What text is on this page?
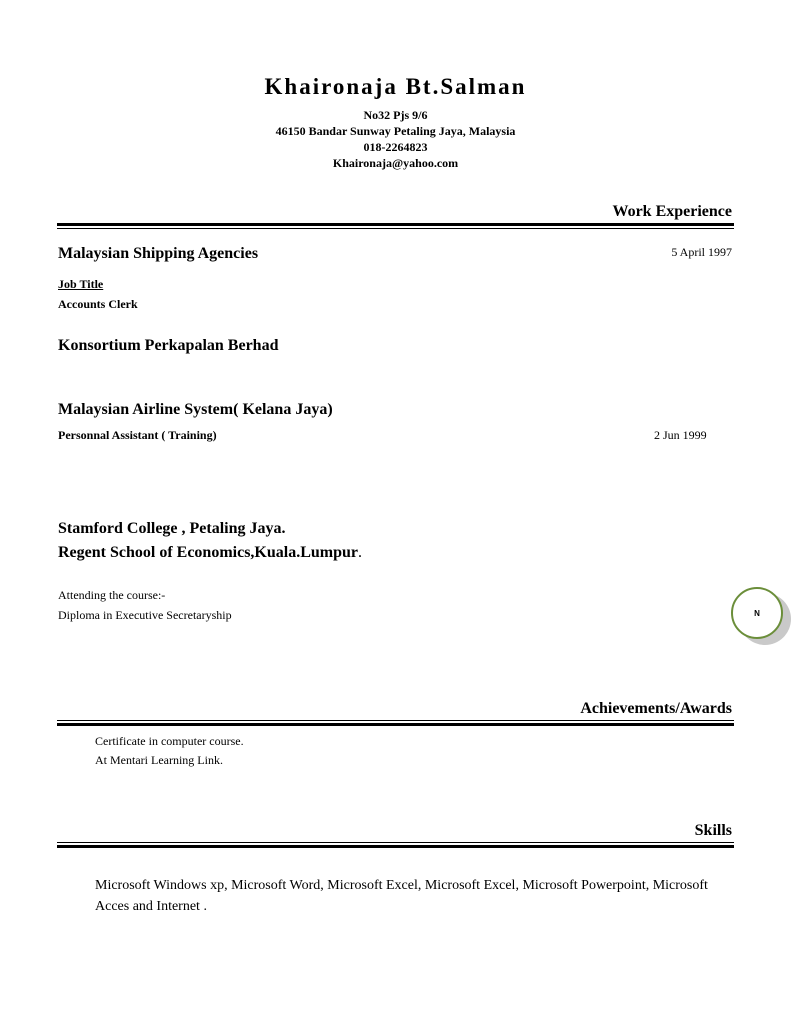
Khaironaja Bt.Salman
No32 Pjs 9/6
46150 Bandar Sunway Petaling Jaya, Malaysia
018-2264823
Khaironaja@yahoo.com
Work Experience
Malaysian Shipping Agencies	5 April 1997
Job Title
Accounts Clerk
Konsortium Perkapalan Berhad
Malaysian Airline System( Kelana Jaya)
Personnal Assistant ( Training)	2 Jun 1999
Stamford College , Petaling Jaya.
Regent School of Economics,Kuala.Lumpur.
Attending the course:-
Diploma in Executive Secretaryship	N
Achievements/Awards
Certificate in computer course.
At Mentari Learning Link.
Skills
Microsoft Windows xp, Microsoft Word, Microsoft Excel, Microsoft Excel, Microsoft Powerpoint, Microsoft Acces and Internet .
